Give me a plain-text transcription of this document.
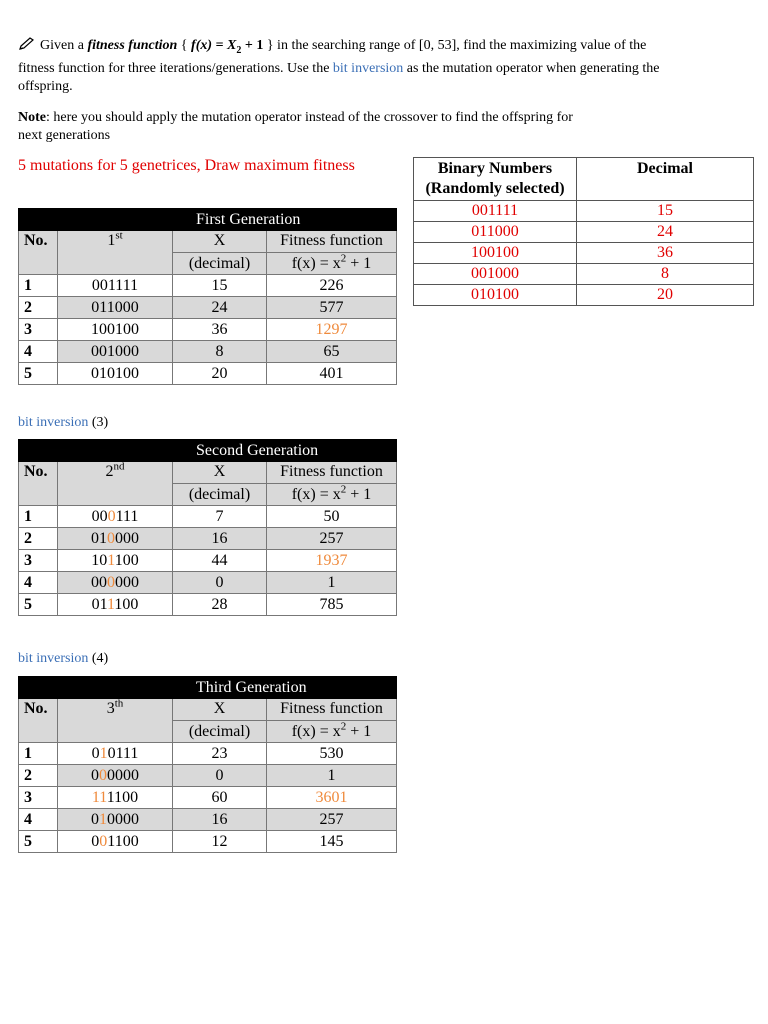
Given a fitness function { $f(x) = X_2 + 1$ } in the searching range of [0, 53], find the maximizing value of the fitness function for three iterations/generations. Use the bit inversion as the mutation operator when generating the offspring.
Note: here you should apply the mutation operator instead of the crossover to find the offspring for next generations
5 mutations for 5 genetrices, Draw maximum fitness	Binary Numbers
(Randomly selected)	Decimal
001111	15
011000	24
100100	36
001000	8
010100	20
First Generation			
No.	1st	X	Fitness function
		(decimal)	$f(x) = x^2 + 1$
1	001111	15	226
2	011000	24	577
3	100100	36	1297
4	001000	8	65
5	010100	20	401
bit inversion (3)
Second Generation			
No.	2nd	X	Fitness function
		(decimal)	$f(x) = x^2 + 1$
1	000111	7	50
2	010000	16	257
3	101100	44	1937
4	000000	0	1
5	011100	28	785
bit inversion (4)
Third Generation			
No.	3th	X	Fitness function
		(decimal)	$f(x) = x^2 + 1$
1	010111	23	530
2	000000	0	1
3	111100	60	3601
4	010000	16	257
5	001100	12	145
